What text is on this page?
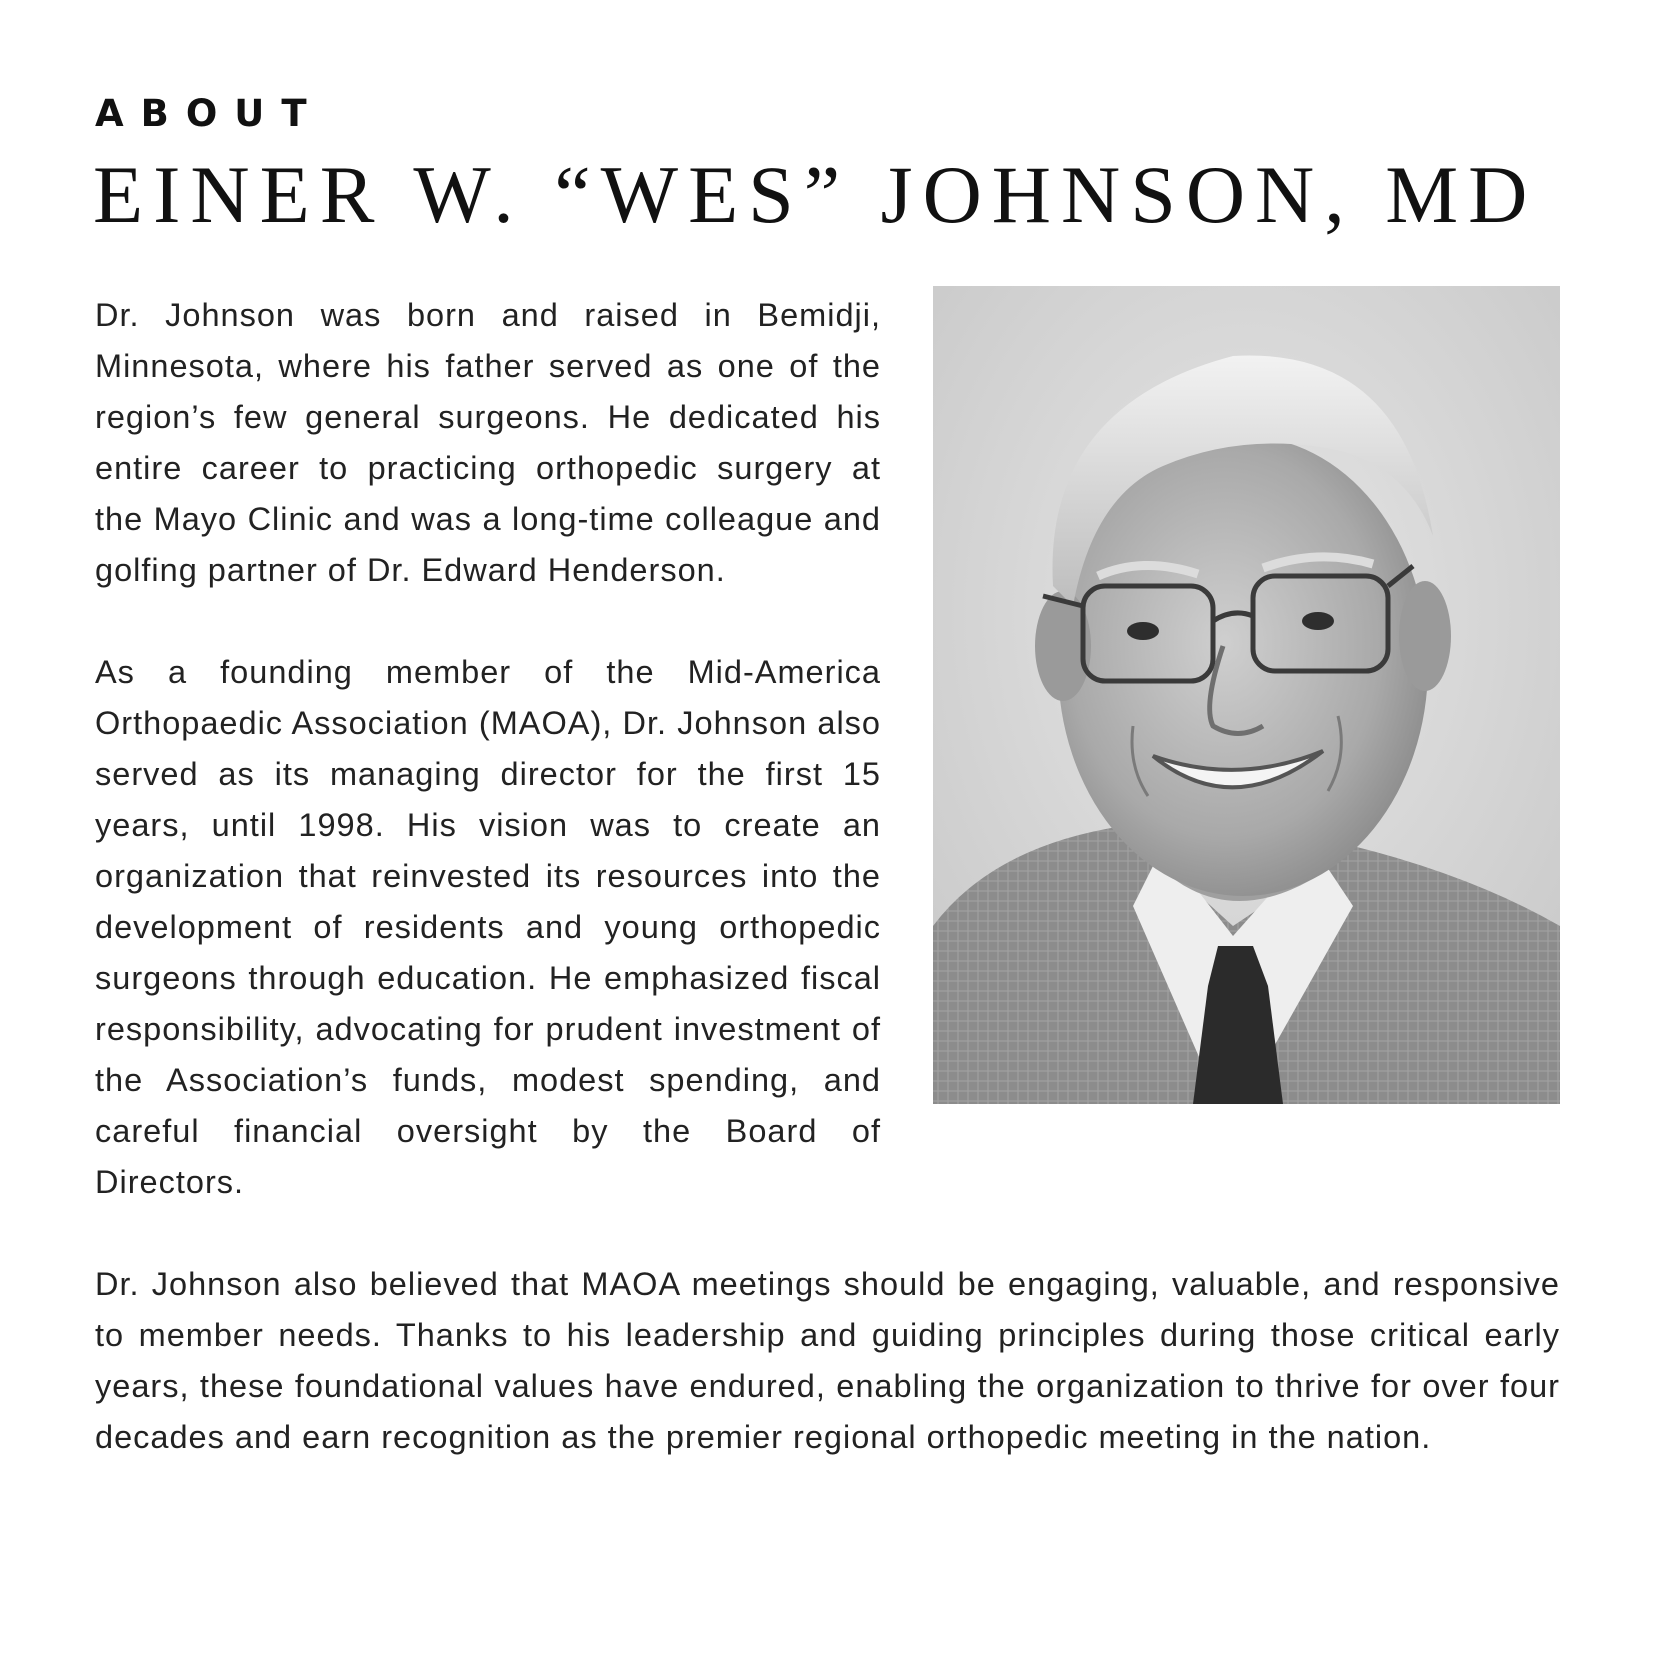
ABOUT
EINER W. “WES” JOHNSON, MD

Dr. Johnson was born and raised in Bemidji, Minnesota, where his father served as one of the region’s few general surgeons. He dedicated his entire career to practicing orthopedic surgery at the Mayo Clinic and was a long-time colleague and golfing partner of Dr. Edward Henderson.

As a founding member of the Mid-America Orthopaedic Association (MAOA), Dr. Johnson also served as its managing director for the first 15 years, until 1998. His vision was to create an organization that reinvested its resources into the development of residents and young orthopedic surgeons through education. He emphasized fiscal responsibility, advocating for prudent investment of the Association’s funds, modest spending, and careful financial oversight by the Board of Directors.

Dr. Johnson also believed that MAOA meetings should be engaging, valuable, and responsive to member needs. Thanks to his leadership and guiding principles during those critical early years, these foundational values have endured, enabling the organization to thrive for over four decades and earn recognition as the premier regional orthopedic meeting in the nation.
